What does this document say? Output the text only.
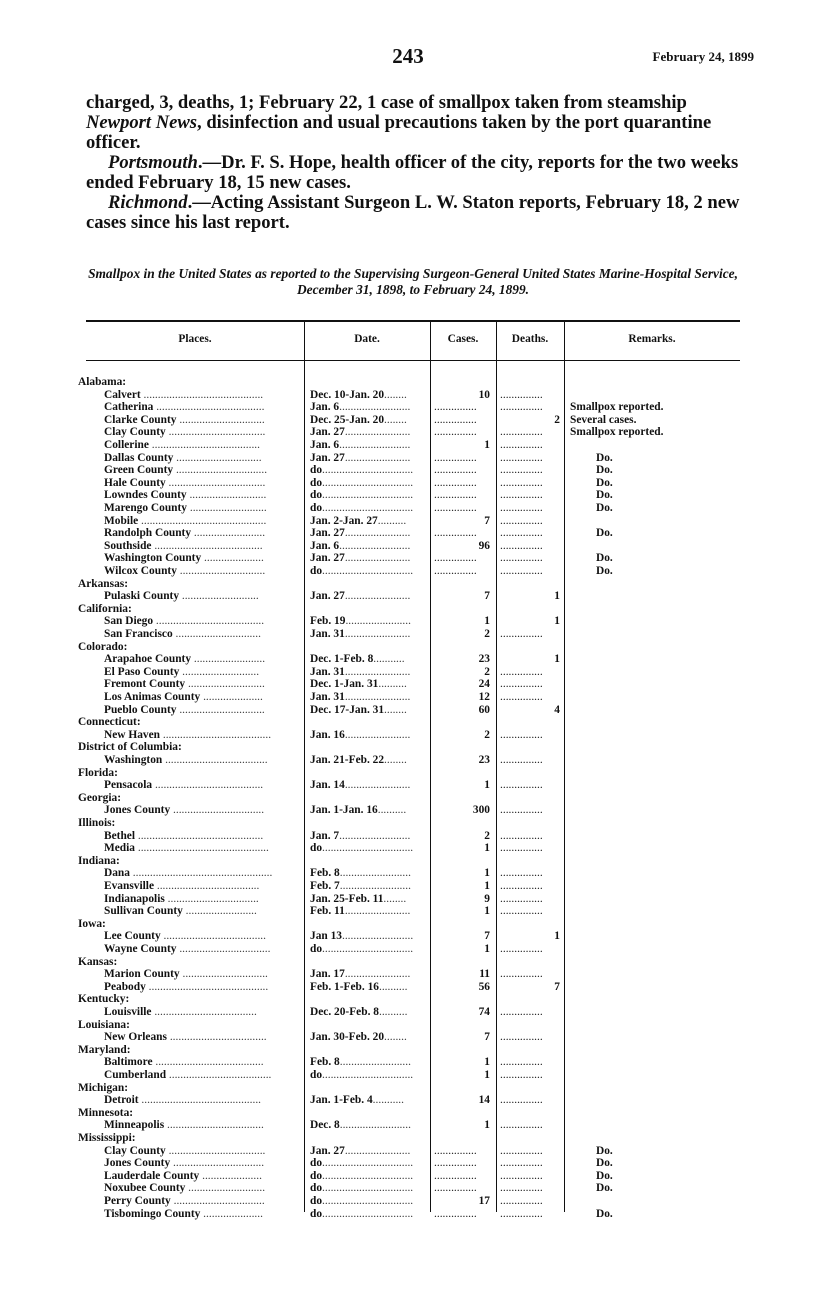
243	February 24, 1899

charged, 3, deaths, 1; February 22, 1 case of smallpox taken from steamship Newport News, disinfection and usual precautions taken by the port quarantine officer.

Portsmouth.—Dr. F. S. Hope, health officer of the city, reports for the two weeks ended February 18, 15 new cases.

Richmond.—Acting Assistant Surgeon L. W. Staton reports, February 18, 2 new cases since his last report.

Smallpox in the United States as reported to the Supervising Surgeon-General United States Marine-Hospital Service, December 31, 1898, to February 24, 1899.
Places.	Date.	Cases.	Deaths.	Remarks.
Alabama:
Calvert ..........................................	Dec. 10-Jan. 20........	10 ...............
Catherina ......................................	Jan. 6.........................	...............	...............	Smallpox reported.
Clarke County ..............................	Dec. 25-Jan. 20........	...............	2 Several cases.
Clay County ..................................	Jan. 27.......................	...............	...............	Smallpox reported.
Collerine ......................................	Jan. 6.........................	1 ...............
Dallas County ..............................	Jan. 27.......................	...............	...............	Do.
Green County ................................	do................................	...............	...............	Do.
Hale County ..................................	do................................	...............	...............	Do.
Lowndes County ...........................	do................................	...............	...............	Do.
Marengo County ...........................	do................................	...............	...............	Do.
Mobile ............................................	Jan. 2-Jan. 27..........	7 ...............
Randolph County .........................	Jan. 27.......................	...............	...............	Do.
Southside ......................................	Jan. 6.........................	96 ...............
Washington County .....................	Jan. 27.......................	...............	...............	Do.
Wilcox County ..............................	do................................	...............	...............	Do.
Arkansas:
Pulaski County ...........................	Jan. 27.......................	7	1
California:
San Diego ......................................	Feb. 19.......................	1	1
San Francisco ..............................	Jan. 31.......................	2 ...............
Colorado:
Arapahoe County .........................	Dec. 1-Feb. 8...........	23	1
El Paso County ...........................	Jan. 31.......................	2 ...............
Fremont County ...........................	Dec. 1-Jan. 31..........	24 ...............
Los Animas County .....................	Jan. 31.......................	12 ...............
Pueblo County ..............................	Dec. 17-Jan. 31........	60	4
Connecticut:
New Haven ......................................	Jan. 16.......................	2 ...............
District of Columbia:
Washington ....................................	Jan. 21-Feb. 22........	23 ...............
Florida:
Pensacola ......................................	Jan. 14.......................	1 ...............
Georgia:
Jones County ................................	Jan. 1-Jan. 16..........	300 ...............
Illinois:
Bethel ............................................	Jan. 7.........................	2 ...............
Media ..............................................	do................................	1 ...............
Indiana:
Dana .................................................	Feb. 8.........................	1 ...............
Evansville ....................................	Feb. 7.........................	1 ...............
Indianapolis ................................	Jan. 25-Feb. 11........	9 ...............
Sullivan County .........................	Feb. 11.......................	1 ...............
Iowa:
Lee County ....................................	Jan 13.........................	7	1
Wayne County ................................	do................................	1 ...............
Kansas:
Marion County ..............................	Jan. 17.......................	11 ...............
Peabody ..........................................	Feb. 1-Feb. 16..........	56	7
Kentucky:
Louisville ....................................	Dec. 20-Feb. 8..........	74 ...............
Louisiana:
New Orleans ..................................	Jan. 30-Feb. 20........	7 ...............
Maryland:
Baltimore ......................................	Feb. 8.........................	1 ...............
Cumberland ....................................	do................................	1 ...............
Michigan:
Detroit ..........................................	Jan. 1-Feb. 4...........	14 ...............
Minnesota:
Minneapolis ..................................	Dec. 8.........................	1 ...............
Mississippi:
Clay County ..................................	Jan. 27.......................	...............	...............	Do.
Jones County ................................	do................................	...............	...............	Do.
Lauderdale County .....................	do................................	...............	...............	Do.
Noxubee County ...........................	do................................	...............	...............	Do.
Perry County ................................	do................................	17 ...............
Tisbomingo County .....................	do................................	...............	...............	Do.
